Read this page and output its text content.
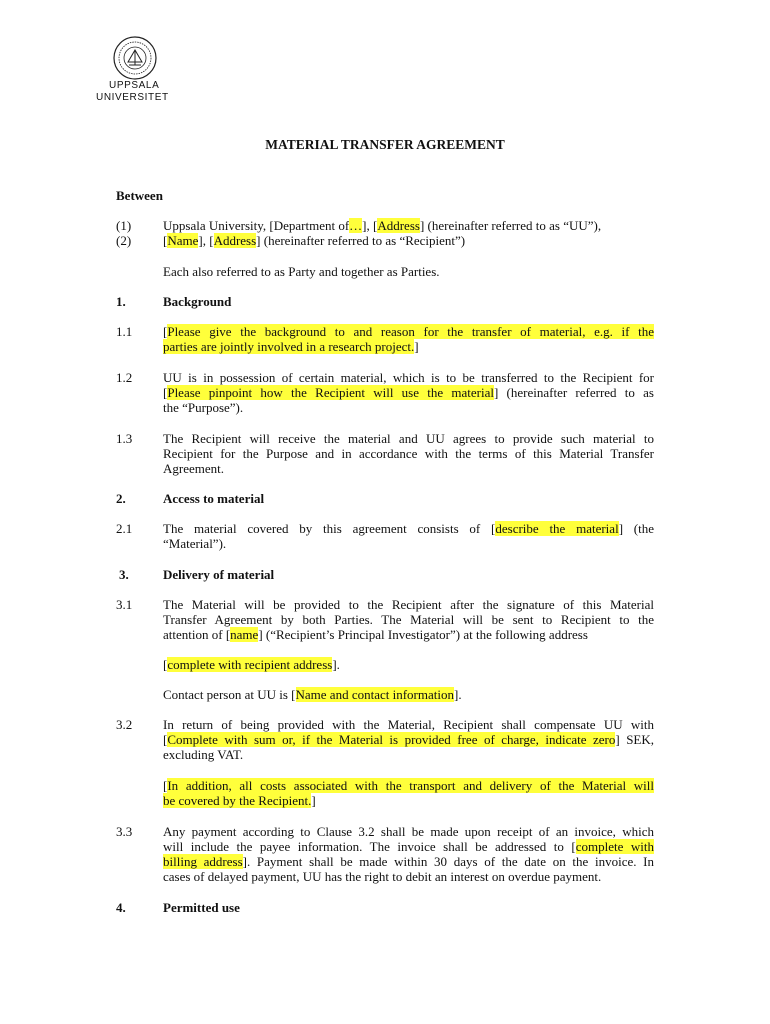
UPPSALA
UNIVERSITET
MATERIAL TRANSFER AGREEMENT
Between
(1) Uppsala University, [Department of…], [Address] (hereinafter referred to as “UU”),
(2) [Name], [Address] (hereinafter referred to as “Recipient”)
Each also referred to as Party and together as Parties.
1.	Background
1.1 [Please give the background to and reason for the transfer of material, e.g. if the
parties are jointly involved in a research project.]
1.2 UU is in possession of certain material, which is to be transferred to the Recipient for
[Please pinpoint how the Recipient will use the material] (hereinafter referred to as
the “Purpose”).
1.3 The Recipient will receive the material and UU agrees to provide such material to
Recipient for the Purpose and in accordance with the terms of this Material Transfer
Agreement.
2.	Access to material
2.1 The material covered by this agreement consists of [describe the material] (the
“Material”).
3.	Delivery of material
3.1 The Material will be provided to the Recipient after the signature of this Material
Transfer Agreement by both Parties. The Material will be sent to Recipient to the
attention of [name] (“Recipient’s Principal Investigator”) at the following address
[complete with recipient address].
Contact person at UU is [Name and contact information].
3.2 In return of being provided with the Material, Recipient shall compensate UU with
[Complete with sum or, if the Material is provided free of charge, indicate zero] SEK,
excluding VAT.
[In addition, all costs associated with the transport and delivery of the Material will
be covered by the Recipient.]
3.3 Any payment according to Clause 3.2 shall be made upon receipt of an invoice, which
will include the payee information. The invoice shall be addressed to [complete with
billing address]. Payment shall be made within 30 days of the date on the invoice. In
cases of delayed payment, UU has the right to debit an interest on overdue payment.
4.	Permitted use
